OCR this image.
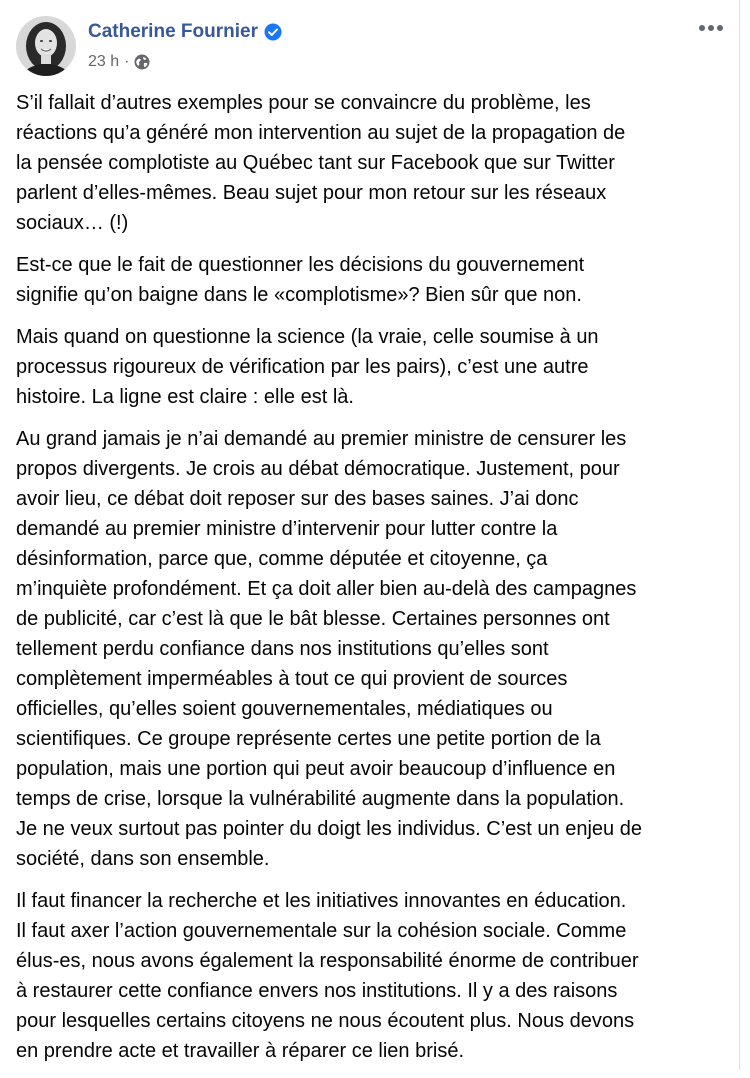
Catherine Fournier
23 h ·

S’il fallait d’autres exemples pour se convaincre du problème, les
réactions qu’a généré mon intervention au sujet de la propagation de
la pensée complotiste au Québec tant sur Facebook que sur Twitter
parlent d’elles-mêmes. Beau sujet pour mon retour sur les réseaux
sociaux… (!)

Est-ce que le fait de questionner les décisions du gouvernement
signifie qu’on baigne dans le «complotisme»? Bien sûr que non.

Mais quand on questionne la science (la vraie, celle soumise à un
processus rigoureux de vérification par les pairs), c’est une autre
histoire. La ligne est claire : elle est là.

Au grand jamais je n’ai demandé au premier ministre de censurer les
propos divergents. Je crois au débat démocratique. Justement, pour
avoir lieu, ce débat doit reposer sur des bases saines. J’ai donc
demandé au premier ministre d’intervenir pour lutter contre la
désinformation, parce que, comme députée et citoyenne, ça
m’inquiète profondément. Et ça doit aller bien au-delà des campagnes
de publicité, car c’est là que le bât blesse. Certaines personnes ont
tellement perdu confiance dans nos institutions qu’elles sont
complètement imperméables à tout ce qui provient de sources
officielles, qu’elles soient gouvernementales, médiatiques ou
scientifiques. Ce groupe représente certes une petite portion de la
population, mais une portion qui peut avoir beaucoup d’influence en
temps de crise, lorsque la vulnérabilité augmente dans la population.
Je ne veux surtout pas pointer du doigt les individus. C’est un enjeu de
société, dans son ensemble.

Il faut financer la recherche et les initiatives innovantes en éducation.
Il faut axer l’action gouvernementale sur la cohésion sociale. Comme
élus-es, nous avons également la responsabilité énorme de contribuer
à restaurer cette confiance envers nos institutions. Il y a des raisons
pour lesquelles certains citoyens ne nous écoutent plus. Nous devons
en prendre acte et travailler à réparer ce lien brisé.
